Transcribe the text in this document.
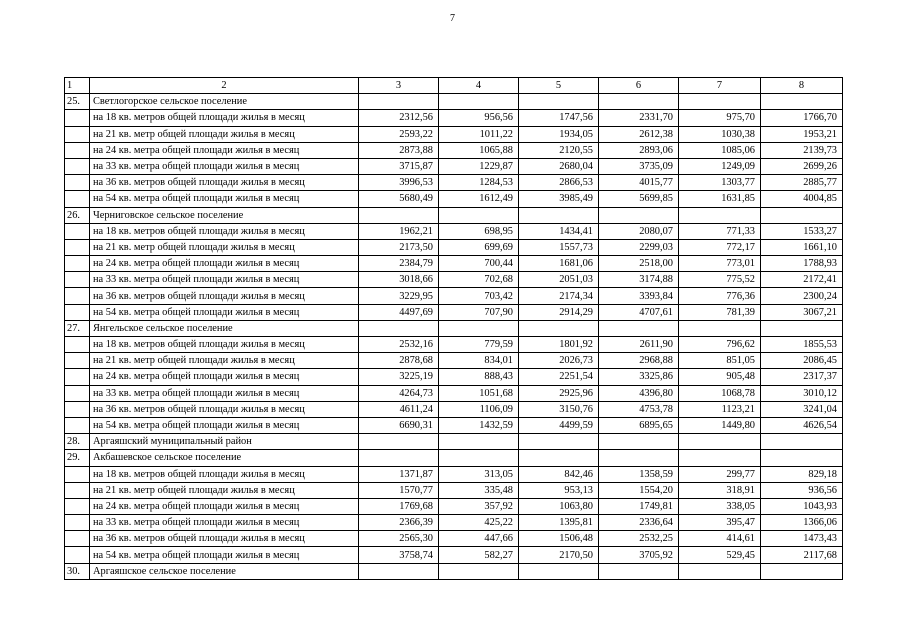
7
1	2	3	4	5	6	7	8
25.	Светлогорское сельское поселение						
	на 18 кв. метров общей площади жилья в месяц	2312,56	956,56	1747,56	2331,70	975,70	1766,70
	на 21 кв. метр общей площади жилья в месяц	2593,22	1011,22	1934,05	2612,38	1030,38	1953,21
	на 24 кв. метра общей площади жилья в месяц	2873,88	1065,88	2120,55	2893,06	1085,06	2139,73
	на 33 кв. метра общей площади жилья в месяц	3715,87	1229,87	2680,04	3735,09	1249,09	2699,26
	на 36 кв. метров общей площади жилья в месяц	3996,53	1284,53	2866,53	4015,77	1303,77	2885,77
	на 54 кв. метра общей площади жилья в месяц	5680,49	1612,49	3985,49	5699,85	1631,85	4004,85
26.	Черниговское сельское поселение						
	на 18 кв. метров общей площади жилья в месяц	1962,21	698,95	1434,41	2080,07	771,33	1533,27
	на 21 кв. метр общей площади жилья в месяц	2173,50	699,69	1557,73	2299,03	772,17	1661,10
	на 24 кв. метра общей площади жилья в месяц	2384,79	700,44	1681,06	2518,00	773,01	1788,93
	на 33 кв. метра общей площади жилья в месяц	3018,66	702,68	2051,03	3174,88	775,52	2172,41
	на 36 кв. метров общей площади жилья в месяц	3229,95	703,42	2174,34	3393,84	776,36	2300,24
	на 54 кв. метра общей площади жилья в месяц	4497,69	707,90	2914,29	4707,61	781,39	3067,21
27.	Янгельское сельское поселение						
	на 18 кв. метров общей площади жилья в месяц	2532,16	779,59	1801,92	2611,90	796,62	1855,53
	на 21 кв. метр общей площади жилья в месяц	2878,68	834,01	2026,73	2968,88	851,05	2086,45
	на 24 кв. метра общей площади жилья в месяц	3225,19	888,43	2251,54	3325,86	905,48	2317,37
	на 33 кв. метра общей площади жилья в месяц	4264,73	1051,68	2925,96	4396,80	1068,78	3010,12
	на 36 кв. метров общей площади жилья в месяц	4611,24	1106,09	3150,76	4753,78	1123,21	3241,04
	на 54 кв. метра общей площади жилья в месяц	6690,31	1432,59	4499,59	6895,65	1449,80	4626,54
28.	Аргаяшский муниципальный район						
29.	Акбашевское сельское поселение						
	на 18 кв. метров общей площади жилья в месяц	1371,87	313,05	842,46	1358,59	299,77	829,18
	на 21 кв. метр общей площади жилья в месяц	1570,77	335,48	953,13	1554,20	318,91	936,56
	на 24 кв. метра общей площади жилья в месяц	1769,68	357,92	1063,80	1749,81	338,05	1043,93
	на 33 кв. метра общей площади жилья в месяц	2366,39	425,22	1395,81	2336,64	395,47	1366,06
	на 36 кв. метров общей площади жилья в месяц	2565,30	447,66	1506,48	2532,25	414,61	1473,43
	на 54 кв. метра общей площади жилья в месяц	3758,74	582,27	2170,50	3705,92	529,45	2117,68
30.	Аргаяшское сельское поселение						
